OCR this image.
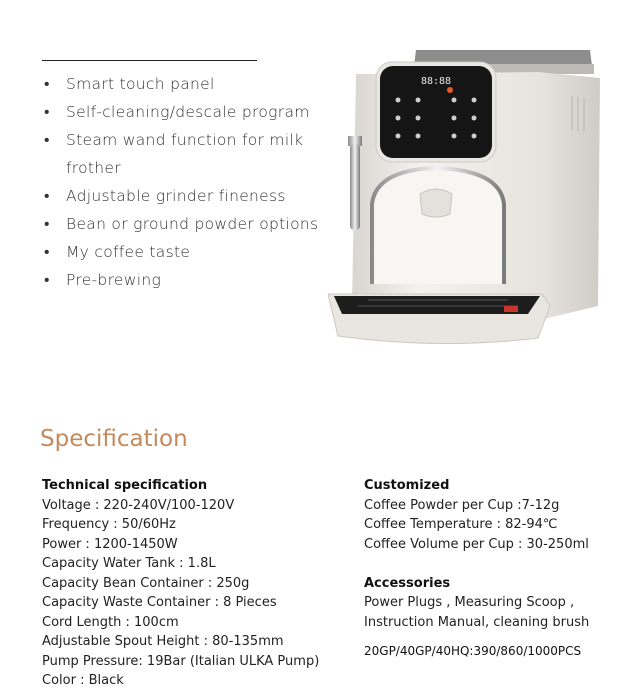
• Smart touch panel
• Self-cleaning/descale program
• Steam wand function for milk frother
• Adjustable grinder fineness
• Bean or ground powder options
• My coffee taste
• Pre-brewing
88:88
Specification
Technical specification
Voltage : 220-240V/100-120V
Frequency : 50/60Hz
Power : 1200-1450W
Capacity Water Tank : 1.8L
Capacity Bean Container : 250g
Capacity Waste Container : 8 Pieces
Cord Length : 100cm
Adjustable Spout Height : 80-135mm
Pump Pressure: 19Bar (Italian ULKA Pump)
Color : Black
Customized
Coffee Powder per Cup :7-12g
Coffee Temperature : 82-94℃
Coffee Volume per Cup : 30-250ml
Accessories
Power Plugs , Measuring Scoop ,
Instruction Manual, cleaning brush
20GP/40GP/40HQ:390/860/1000PCS
